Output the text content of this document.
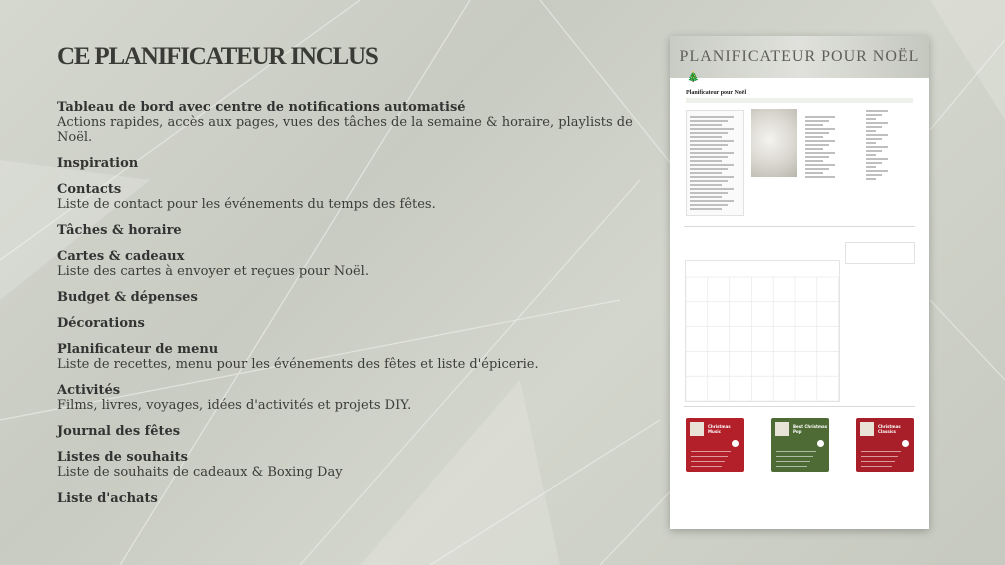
CE PLANIFICATEUR INCLUS
Tableau de bord avec centre de notifications automatisé
Actions rapides, accès aux pages, vues des tâches de la semaine & horaire, playlists de Noël.
Inspiration
Contacts
Liste de contact pour les événements du temps des fêtes.
Tâches & horaire
Cartes & cadeaux
Liste des cartes à envoyer et reçues pour Noël.
Budget & dépenses
Décorations
Planificateur de menu
Liste de recettes, menu pour les événements des fêtes et liste d'épicerie.
Activités
Films, livres, voyages, idées d'activités et projets DIY.
Journal des fêtes
Listes de souhaits
Liste de souhaits de cadeaux & Boxing Day
Liste d'achats
PLANIFICATEUR POUR NOËL
🎄
Planificateur pour Noël
Christmas Music
Best Christmas Pop
Christmas Classics
